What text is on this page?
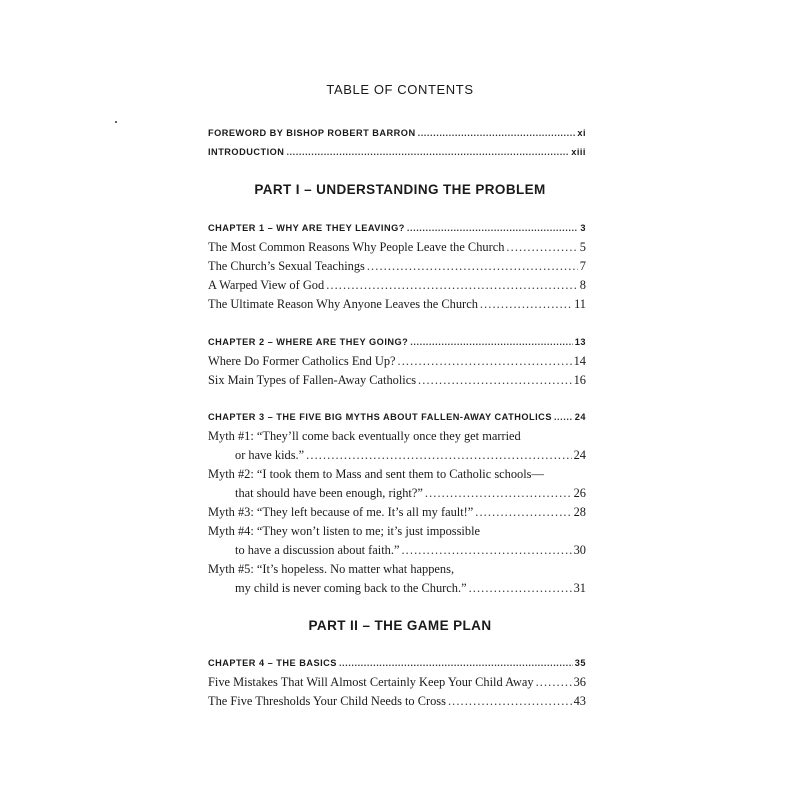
TABLE OF CONTENTS
FOREWORD BY BISHOP ROBERT BARRON . . .	xi
INTRODUCTION . . .	xiii
PART I – UNDERSTANDING THE PROBLEM
CHAPTER 1 – WHY ARE THEY LEAVING? . . .	3
The Most Common Reasons Why People Leave the Church . . .	5
The Church’s Sexual Teachings . . .	7
A Warped View of God . . .	8
The Ultimate Reason Why Anyone Leaves the Church . . .	11
CHAPTER 2 – WHERE ARE THEY GOING? . . .	13
Where Do Former Catholics End Up? . . .	14
Six Main Types of Fallen-Away Catholics . . .	16
CHAPTER 3 – THE FIVE BIG MYTHS ABOUT FALLEN-AWAY CATHOLICS . . . 24
Myth #1: “They’ll come back eventually once they get married
or have kids.” . . .	24
Myth #2: “I took them to Mass and sent them to Catholic schools—
that should have been enough, right?” . . .	26
Myth #3: “They left because of me. It’s all my fault!” . . .	28
Myth #4: “They won’t listen to me; it’s just impossible
to have a discussion about faith.” . . .	30
Myth #5: “It’s hopeless. No matter what happens,
my child is never coming back to the Church.” . . .	31
PART II – THE GAME PLAN
CHAPTER 4 – THE BASICS . . .	35
Five Mistakes That Will Almost Certainly Keep Your Child Away . . .	36
The Five Thresholds Your Child Needs to Cross . . .	43
